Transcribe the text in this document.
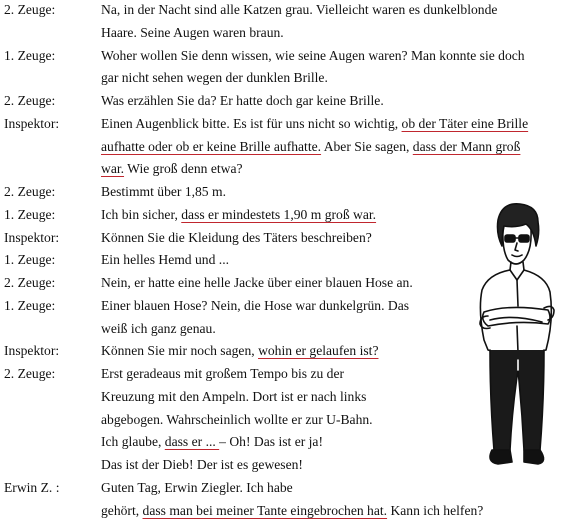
2. Zeuge:	Na, in der Nacht sind alle Katzen grau. Vielleicht waren es dunkelblonde
Haare. Seine Augen waren braun.
1. Zeuge:	Woher wollen Sie denn wissen, wie seine Augen waren? Man konnte sie doch
gar nicht sehen wegen der dunklen Brille.
2. Zeuge:	Was erzählen Sie da? Er hatte doch gar keine Brille.
Inspektor:	Einen Augenblick bitte. Es ist für uns nicht so wichtig, ob der Täter eine Brille
aufhatte oder ob er keine Brille aufhatte. Aber Sie sagen, dass der Mann groß
war. Wie groß denn etwa?
2. Zeuge:	Bestimmt über 1,85 m.
1. Zeuge:	Ich bin sicher, dass er mindestets 1,90 m groß war.
Inspektor:	Können Sie die Kleidung des Täters beschreiben?
1. Zeuge:	Ein helles Hemd und ...
2. Zeuge:	Nein, er hatte eine helle Jacke über einer blauen Hose an.
1. Zeuge:	Einer blauen Hose? Nein, die Hose war dunkelgrün. Das
weiß ich ganz genau.
Inspektor:	Können Sie mir noch sagen, wohin er gelaufen ist?
2. Zeuge:	Erst geradeaus mit großem Tempo bis zu der
Kreuzung mit den Ampeln. Dort ist er nach links
abgebogen. Wahrscheinlich wollte er zur U-Bahn.
Ich glaube, dass er ... – Oh! Das ist er ja!
Das ist der Dieb! Der ist es gewesen!
Erwin Z. :	Guten Tag, Erwin Ziegler. Ich habe
gehört, dass man bei meiner Tante eingebrochen hat. Kann ich helfen?
